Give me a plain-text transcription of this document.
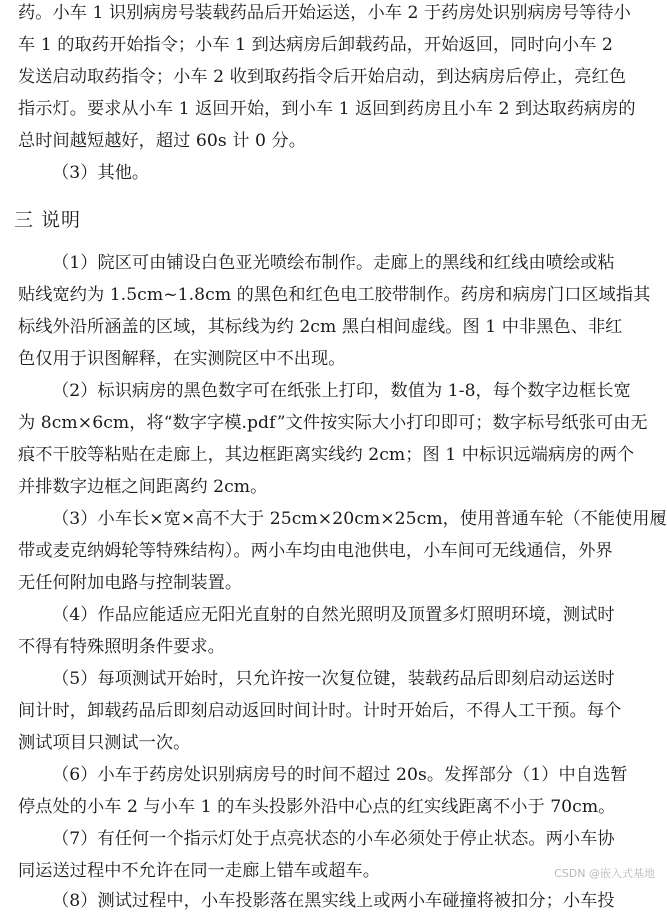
药。小车 1 识别病房号装载药品后开始运送，小车 2 于药房处识别病房号等待小
车 1 的取药开始指令；小车 1 到达病房后卸载药品，开始返回，同时向小车 2
发送启动取药指令；小车 2 收到取药指令后开始启动，到达病房后停止，亮红色
指示灯。要求从小车 1 返回开始，到小车 1 返回到药房且小车 2 到达取药病房的
总时间越短越好，超过 60s 计 0 分。
（3）其他。
三 说明
（1）院区可由铺设白色亚光喷绘布制作。走廊上的黑线和红线由喷绘或粘
贴线宽约为 1.5cm~1.8cm 的黑色和红色电工胶带制作。药房和病房门口区域指其
标线外沿所涵盖的区域，其标线为约 2cm 黑白相间虚线。图 1 中非黑色、非红
色仅用于识图解释，在实测院区中不出现。
（2）标识病房的黑色数字可在纸张上打印，数值为 1-8，每个数字边框长宽
为 8cm×6cm，将“数字字模.pdf”文件按实际大小打印即可；数字标号纸张可由无
痕不干胶等粘贴在走廊上，其边框距离实线约 2cm；图 1 中标识远端病房的两个
并排数字边框之间距离约 2cm。
（3）小车长×宽×高不大于 25cm×20cm×25cm，使用普通车轮（不能使用履
带或麦克纳姆轮等特殊结构）。两小车均由电池供电，小车间可无线通信，外界
无任何附加电路与控制装置。
（4）作品应能适应无阳光直射的自然光照明及顶置多灯照明环境，测试时
不得有特殊照明条件要求。
（5）每项测试开始时，只允许按一次复位键，装载药品后即刻启动运送时
间计时，卸载药品后即刻启动返回时间计时。计时开始后，不得人工干预。每个
测试项目只测试一次。
（6）小车于药房处识别病房号的时间不超过 20s。发挥部分（1）中自选暂
停点处的小车 2 与小车 1 的车头投影外沿中心点的红实线距离不小于 70cm。
（7）有任何一个指示灯处于点亮状态的小车必须处于停止状态。两小车协
同运送过程中不允许在同一走廊上错车或超车。
（8）测试过程中，小车投影落在黑实线上或两小车碰撞将被扣分；小车投
CSDN @嵌入式基地
